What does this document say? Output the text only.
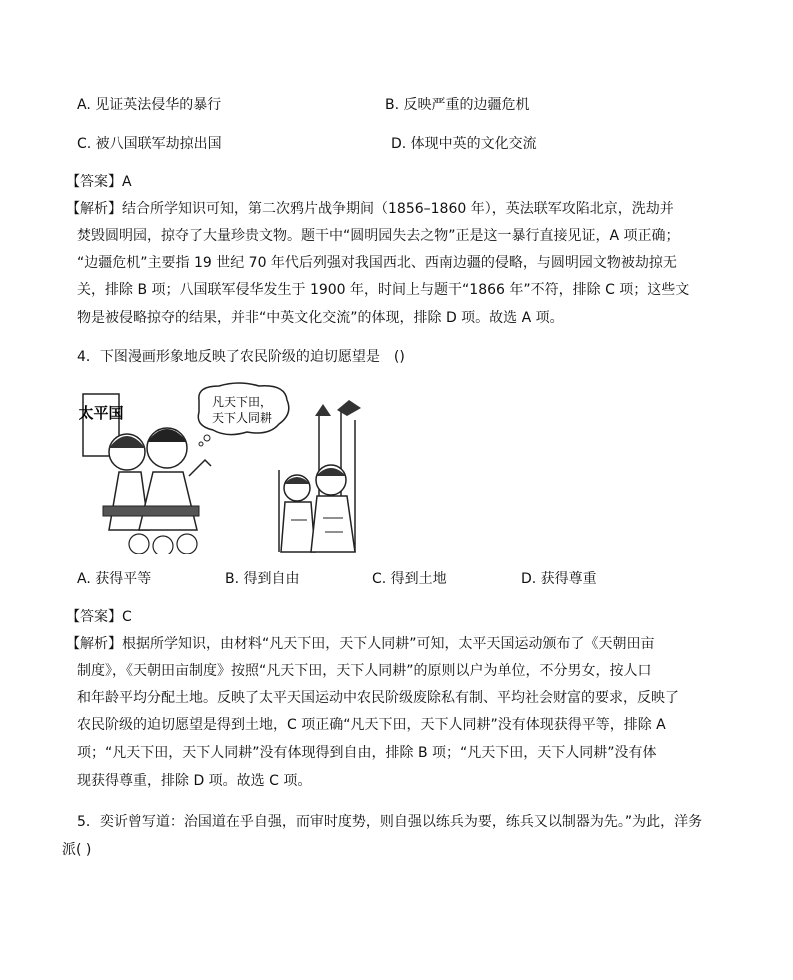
A. 见证英法侵华的暴行	B. 反映严重的边疆危机
C. 被八国联军劫掠出国	D. 体现中英的文化交流
【答案】A
【解析】结合所学知识可知，第二次鸦片战争期间（1856–1860 年），英法联军攻陷北京，洗劫并
焚毁圆明园，掠夺了大量珍贵文物。题干中“圆明园失去之物”正是这一暴行直接见证，A 项正确；
“边疆危机”主要指 19 世纪 70 年代后列强对我国西北、西南边疆的侵略，与圆明园文物被劫掠无
关，排除 B 项；八国联军侵华发生于 1900 年，时间上与题干“1866 年”不符，排除 C 项；这些文
物是被侵略掠夺的结果，并非“中英文化交流”的体现，排除 D 项。故选 A 项。
4．下图漫画形象地反映了农民阶级的迫切愿望是　()
太平国
凡天下田，
天下人同耕
A. 获得平等	B. 得到自由	C. 得到土地	D. 获得尊重
【答案】C
【解析】根据所学知识，由材料“凡天下田，天下人同耕”可知，太平天国运动颁布了《天朝田亩
制度》，《天朝田亩制度》按照“凡天下田，天下人同耕”的原则以户为单位，不分男女，按人口
和年龄平均分配土地。反映了太平天国运动中农民阶级废除私有制、平均社会财富的要求，反映了
农民阶级的迫切愿望是得到土地，C 项正确“凡天下田，天下人同耕”没有体现获得平等，排除 A
项；“凡天下田，天下人同耕”没有体现得到自由，排除 B 项；“凡天下田，天下人同耕”没有体
现获得尊重，排除 D 项。故选 C 项。
5．奕䜣曾写道：治国道在乎自强，而审时度势，则自强以练兵为要，练兵又以制器为先。”为此，洋务
派( )
